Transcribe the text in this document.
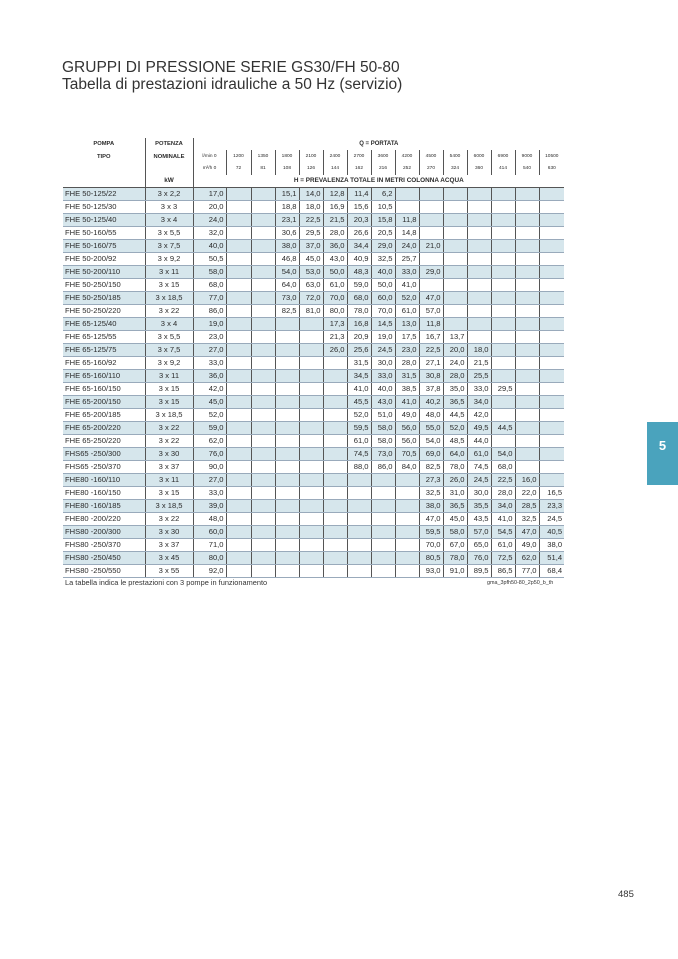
GRUPPI DI PRESSIONE SERIE GS30/FH 50-80
Tabella di prestazioni idrauliche a 50 Hz (servizio)
5
POMPA	POTENZA	Q = PORTATA														
TIPO	NOMINALE	l/min 0	1200	1350	1800	2100	2400	2700	3600	4200	4500	5400	6000	6900	9000	10500
		m³/h 0	72	81	108	126	144	162	216	252	270	324	360	414	540	630
	kW	H = PREVALENZA TOTALE IN METRI COLONNA ACQUA														
FHE 50-125/22	3 x 2,2	17,0			15,1	14,0	12,8	11,4	6,2							
FHE 50-125/30	3 x 3	20,0			18,8	18,0	16,9	15,6	10,5							
FHE 50-125/40	3 x 4	24,0			23,1	22,5	21,5	20,3	15,8	11,8						
FHE 50-160/55	3 x 5,5	32,0			30,6	29,5	28,0	26,6	20,5	14,8						
FHE 50-160/75	3 x 7,5	40,0			38,0	37,0	36,0	34,4	29,0	24,0	21,0					
FHE 50-200/92	3 x 9,2	50,5			46,8	45,0	43,0	40,9	32,5	25,7						
FHE 50-200/110	3 x 11	58,0			54,0	53,0	50,0	48,3	40,0	33,0	29,0					
FHE 50-250/150	3 x 15	68,0			64,0	63,0	61,0	59,0	50,0	41,0						
FHE 50-250/185	3 x 18,5	77,0			73,0	72,0	70,0	68,0	60,0	52,0	47,0					
FHE 50-250/220	3 x 22	86,0			82,5	81,0	80,0	78,0	70,0	61,0	57,0					
FHE 65-125/40	3 x 4	19,0					17,3	16,8	14,5	13,0	11,8					
FHE 65-125/55	3 x 5,5	23,0					21,3	20,9	19,0	17,5	16,7	13,7				
FHE 65-125/75	3 x 7,5	27,0					26,0	25,6	24,5	23,0	22,5	20,0	18,0			
FHE 65-160/92	3 x 9,2	33,0						31,5	30,0	28,0	27,1	24,0	21,5			
FHE 65-160/110	3 x 11	36,0						34,5	33,0	31,5	30,8	28,0	25,5			
FHE 65-160/150	3 x 15	42,0						41,0	40,0	38,5	37,8	35,0	33,0	29,5		
FHE 65-200/150	3 x 15	45,0						45,5	43,0	41,0	40,2	36,5	34,0			
FHE 65-200/185	3 x 18,5	52,0						52,0	51,0	49,0	48,0	44,5	42,0			
FHE 65-200/220	3 x 22	59,0						59,5	58,0	56,0	55,0	52,0	49,5	44,5		
FHE 65-250/220	3 x 22	62,0						61,0	58,0	56,0	54,0	48,5	44,0			
FHS65 -250/300	3 x 30	76,0						74,5	73,0	70,5	69,0	64,0	61,0	54,0		
FHS65 -250/370	3 x 37	90,0						88,0	86,0	84,0	82,5	78,0	74,5	68,0		
FHE80 -160/110	3 x 11	27,0									27,3	26,0	24,5	22,5	16,0	
FHE80 -160/150	3 x 15	33,0									32,5	31,0	30,0	28,0	22,0	16,5
FHE80 -160/185	3 x 18,5	39,0									38,0	36,5	35,5	34,0	28,5	23,3
FHE80 -200/220	3 x 22	48,0									47,0	45,0	43,5	41,0	32,5	24,5
FHS80 -200/300	3 x 30	60,0									59,5	58,0	57,0	54,5	47,0	40,5
FHS80 -250/370	3 x 37	71,0									70,0	67,0	65,0	61,0	49,0	38,0
FHS80 -250/450	3 x 45	80,0									80,5	78,0	76,0	72,5	62,0	51,4
FHS80 -250/550	3 x 55	92,0									93,0	91,0	89,5	86,5	77,0	68,4
La tabella indica le prestazioni con 3 pompe in funzionamento	gma_3pfh50-80_2p50_b_th
485
